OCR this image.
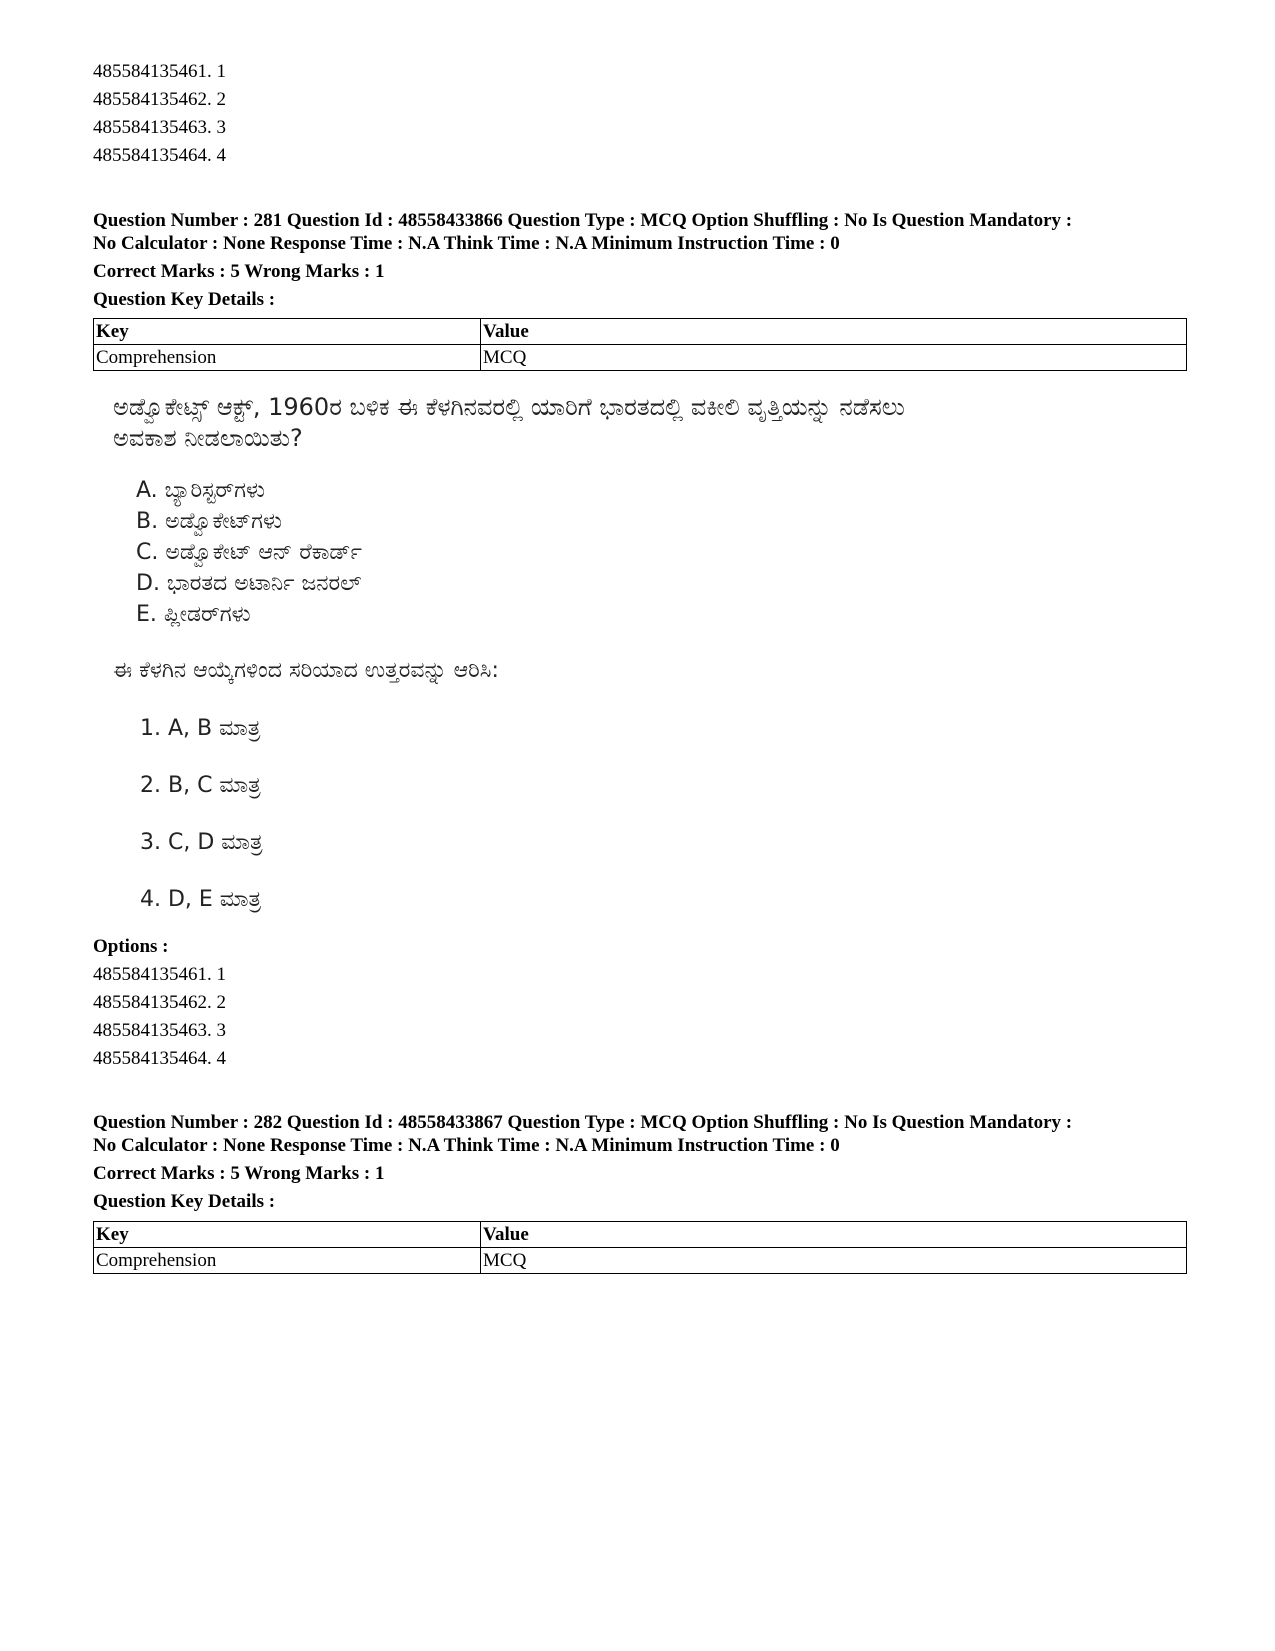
485584135461. 1
485584135462. 2
485584135463. 3
485584135464. 4
Question Number : 281 Question Id : 48558433866 Question Type : MCQ Option Shuffling : No Is Question Mandatory :
No Calculator : None Response Time : N.A Think Time : N.A Minimum Instruction Time : 0
Correct Marks : 5 Wrong Marks : 1
Question Key Details :
Key	Value
Comprehension	MCQ
ಅಡ್ವೊಕೇಟ್ಸ್ ಆಕ್ಟ್, 1960ರ ಬಳಿಕ ಈ ಕೆಳಗಿನವರಲ್ಲಿ ಯಾರಿಗೆ ಭಾರತದಲ್ಲಿ ವಕೀಲಿ ವೃತ್ತಿಯನ್ನು ನಡೆಸಲು
ಅವಕಾಶ ನೀಡಲಾಯಿತು?
A. ಬ್ಯಾರಿಸ್ಟರ್‌ಗಳು
B. ಅಡ್ವೊಕೇಟ್‌ಗಳು
C. ಅಡ್ವೊಕೇಟ್ ಆನ್ ರೆಕಾರ್ಡ್
D. ಭಾರತದ ಅಟಾರ್ನಿ ಜನರಲ್
E. ಪ್ಲೀಡರ್‌ಗಳು
ಈ ಕೆಳಗಿನ ಆಯ್ಕೆಗಳಿಂದ ಸರಿಯಾದ ಉತ್ತರವನ್ನು ಆರಿಸಿ:
1. A, B ಮಾತ್ರ
2. B, C ಮಾತ್ರ
3. C, D ಮಾತ್ರ
4. D, E ಮಾತ್ರ
Options :
485584135461. 1
485584135462. 2
485584135463. 3
485584135464. 4
Question Number : 282 Question Id : 48558433867 Question Type : MCQ Option Shuffling : No Is Question Mandatory :
No Calculator : None Response Time : N.A Think Time : N.A Minimum Instruction Time : 0
Correct Marks : 5 Wrong Marks : 1
Question Key Details :
Key	Value
Comprehension	MCQ
